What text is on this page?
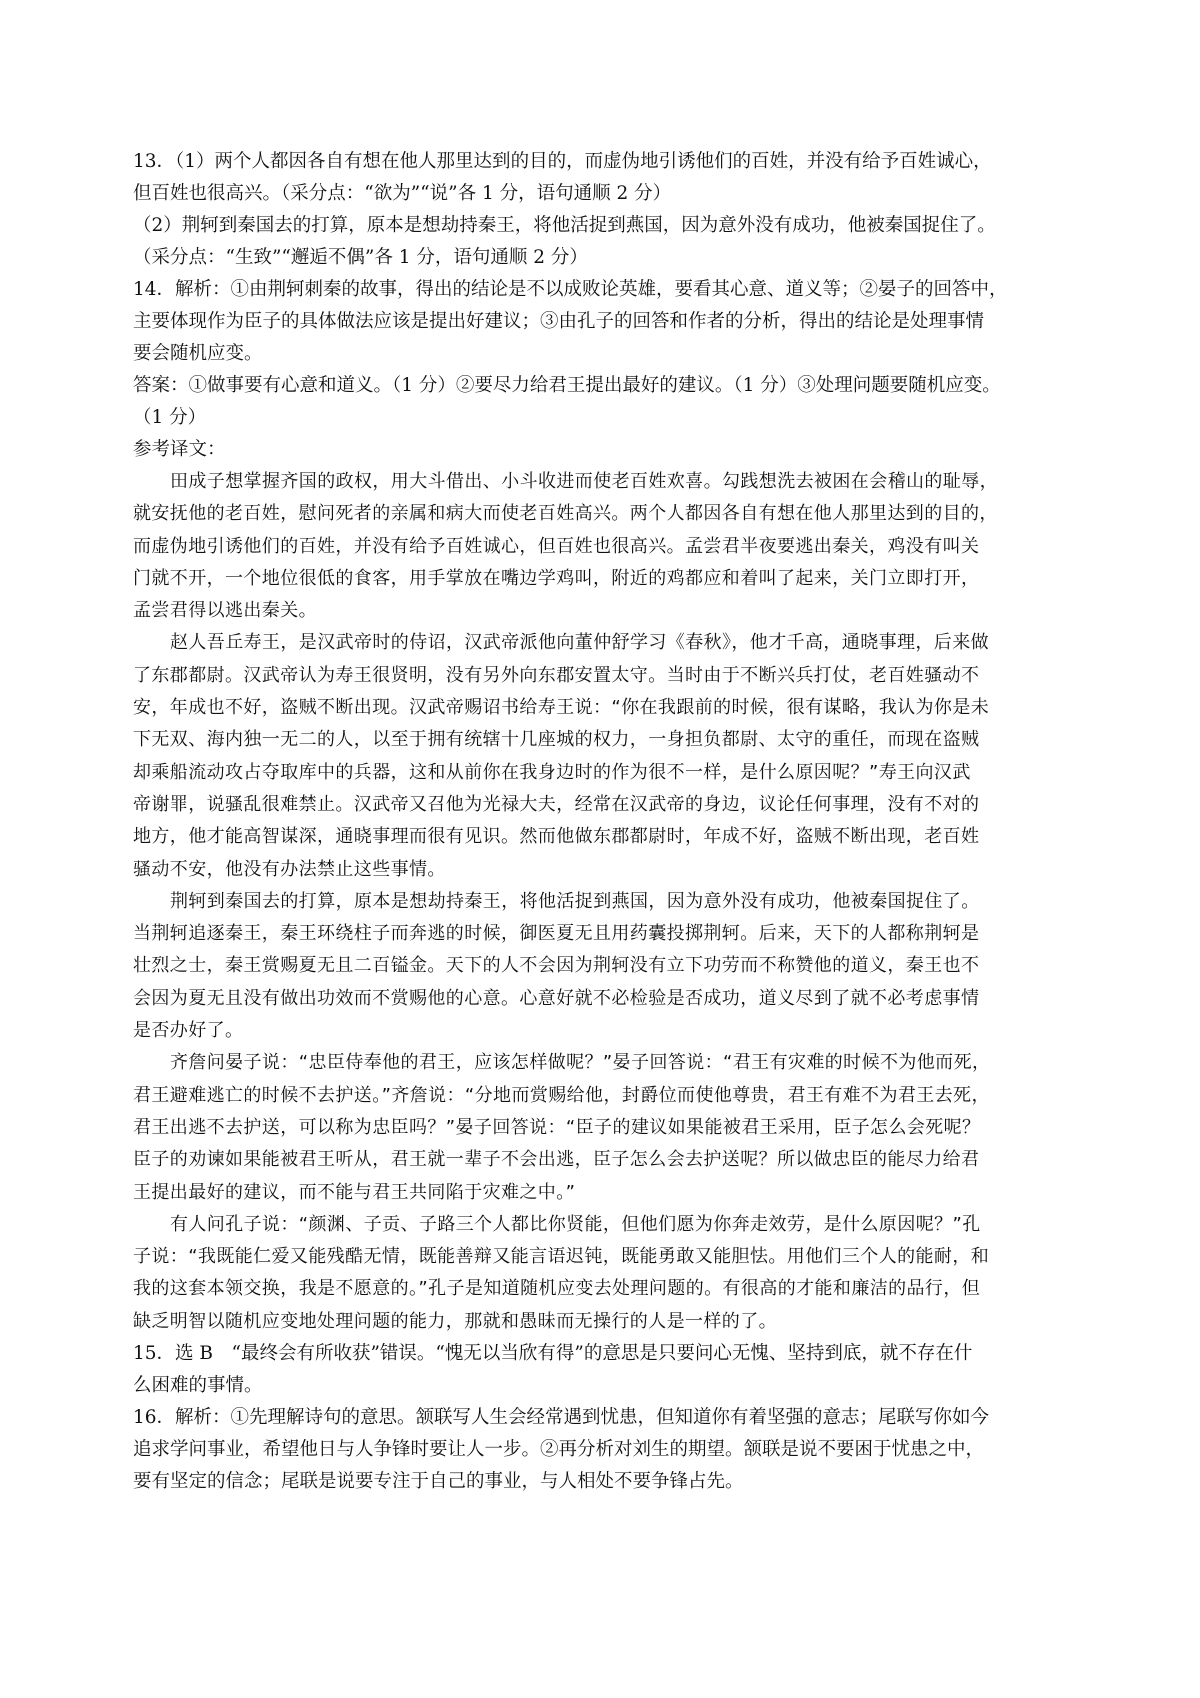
13．（1）两个人都因各自有想在他人那里达到的目的，而虚伪地引诱他们的百姓，并没有给予百姓诚心，
但百姓也很高兴。（采分点：“欲为”“说”各 1 分，语句通顺 2 分）
（2）荆轲到秦国去的打算，原本是想劫持秦王，将他活捉到燕国，因为意外没有成功，他被秦国捉住了。
（采分点：“生致”“邂逅不偶”各 1 分，语句通顺 2 分）
14．解析：①由荆轲刺秦的故事，得出的结论是不以成败论英雄，要看其心意、道义等；②晏子的回答中，
主要体现作为臣子的具体做法应该是提出好建议；③由孔子的回答和作者的分析，得出的结论是处理事情
要会随机应变。
答案：①做事要有心意和道义。（1 分）②要尽力给君王提出最好的建议。（1 分）③处理问题要随机应变。
（1 分）
参考译文：
田成子想掌握齐国的政权，用大斗借出、小斗收进而使老百姓欢喜。勾践想洗去被困在会稽山的耻辱，
就安抚他的老百姓，慰问死者的亲属和病大而使老百姓高兴。两个人都因各自有想在他人那里达到的目的，
而虚伪地引诱他们的百姓，并没有给予百姓诚心，但百姓也很高兴。孟尝君半夜要逃出秦关，鸡没有叫关
门就不开，一个地位很低的食客，用手掌放在嘴边学鸡叫，附近的鸡都应和着叫了起来，关门立即打开，
孟尝君得以逃出秦关。
赵人吾丘寿王，是汉武帝时的侍诏，汉武帝派他向董仲舒学习《春秋》，他才千高，通晓事理，后来做
了东郡都尉。汉武帝认为寿王很贤明，没有另外向东郡安置太守。当时由于不断兴兵打仗，老百姓骚动不
安，年成也不好，盗贼不断出现。汉武帝赐诏书给寿王说：“你在我跟前的时候，很有谋略，我认为你是未
下无双、海内独一无二的人，以至于拥有统辖十几座城的权力，一身担负都尉、太守的重任，而现在盗贼
却乘船流动攻占夺取库中的兵器，这和从前你在我身边时的作为很不一样，是什么原因呢？”寿王向汉武
帝谢罪，说骚乱很难禁止。汉武帝又召他为光禄大夫，经常在汉武帝的身边，议论任何事理，没有不对的
地方，他才能高智谋深，通晓事理而很有见识。然而他做东郡都尉时，年成不好，盗贼不断出现，老百姓
骚动不安，他没有办法禁止这些事情。
荆轲到秦国去的打算，原本是想劫持秦王，将他活捉到燕国，因为意外没有成功，他被秦国捉住了。
当荆轲追逐秦王，秦王环绕柱子而奔逃的时候，御医夏无且用药囊投掷荆轲。后来，天下的人都称荆轲是
壮烈之士，秦王赏赐夏无且二百镒金。天下的人不会因为荆轲没有立下功劳而不称赞他的道义，秦王也不
会因为夏无且没有做出功效而不赏赐他的心意。心意好就不必检验是否成功，道义尽到了就不必考虑事情
是否办好了。
齐詹问晏子说：“忠臣侍奉他的君王，应该怎样做呢？”晏子回答说：“君王有灾难的时候不为他而死，
君王避难逃亡的时候不去护送。”齐詹说：“分地而赏赐给他，封爵位而使他尊贵，君王有难不为君王去死，
君王出逃不去护送，可以称为忠臣吗？”晏子回答说：“臣子的建议如果能被君王采用，臣子怎么会死呢？
臣子的劝谏如果能被君王听从，君王就一辈子不会出逃，臣子怎么会去护送呢？所以做忠臣的能尽力给君
王提出最好的建议，而不能与君王共同陷于灾难之中。”
有人问孔子说：“颜渊、子贡、子路三个人都比你贤能，但他们愿为你奔走效劳，是什么原因呢？”孔
子说：“我既能仁爱又能残酷无情，既能善辩又能言语迟钝，既能勇敢又能胆怯。用他们三个人的能耐，和
我的这套本领交换，我是不愿意的。”孔子是知道随机应变去处理问题的。有很高的才能和廉洁的品行，但
缺乏明智以随机应变地处理问题的能力，那就和愚昧而无操行的人是一样的了。
15．选 B　“最终会有所收获”错误。“愧无以当欣有得”的意思是只要问心无愧、坚持到底，就不存在什
么困难的事情。
16．解析：①先理解诗句的意思。颔联写人生会经常遇到忧患，但知道你有着坚强的意志；尾联写你如今
追求学问事业，希望他日与人争锋时要让人一步。②再分析对刘生的期望。颔联是说不要困于忧患之中，
要有坚定的信念；尾联是说要专注于自己的事业，与人相处不要争锋占先。
